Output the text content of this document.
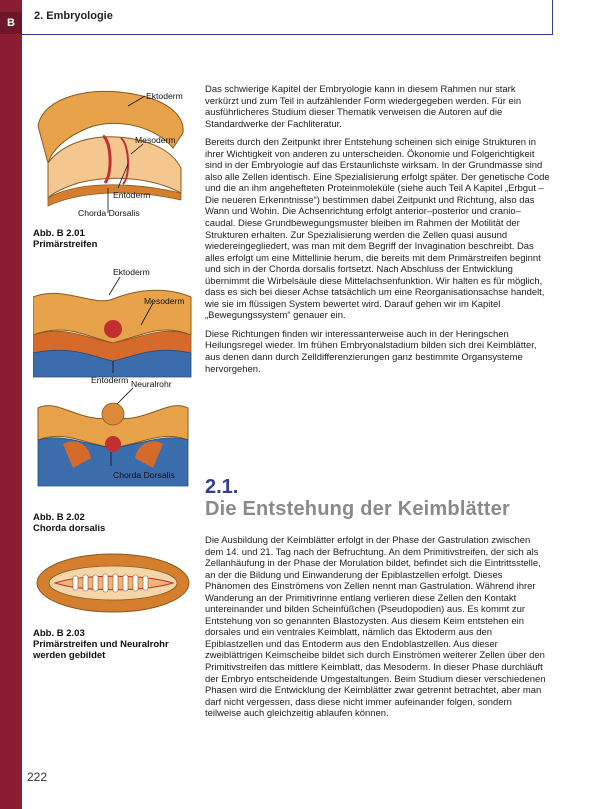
B
2. Embryologie
Ektoderm
Mesoderm
Entoderm
Chorda Dorsalis
Abb. B 2.01
Primärstreifen
Ektoderm
Mesoderm
Entoderm Neuralrohr
Chorda Dorsalis
Abb. B 2.02
Chorda dorsalis
Abb. B 2.03
Primärstreifen und Neuralrohr
werden gebildet

Das schwierige Kapitel der Embryologie kann in diesem Rahmen nur stark verkürzt und zum Teil in aufzählender Form wiedergegeben werden. Für ein ausführlicheres Studium dieser Thematik verweisen die Autoren auf die Standardwerke der Fachliteratur.

Bereits durch den Zeitpunkt ihrer Entstehung scheinen sich einige Strukturen in ihrer Wichtigkeit von anderen zu unterscheiden. Ökonomie und Folgerichtigkeit sind in der Embryologie auf das Erstaunlichste wirksam. In der Grundmasse sind also alle Zellen identisch. Eine Spezialisierung erfolgt später. Der genetische Code und die an ihm angehefteten Proteinmoleküle (siehe auch Teil A Kapitel „Erbgut – Die neueren Erkenntnisse“) bestimmen dabei Zeitpunkt und Richtung, also das Wann und Wohin. Die Achsenrichtung erfolgt anterior–posterior und cranio–caudal. Diese Grundbewegungsmuster bleiben im Rahmen der Motilität der Strukturen erhalten. Zur Spezialisierung werden die Zellen quasi ausund wiedereingegliedert, was man mit dem Begriff der Invagination beschreibt. Das alles erfolgt um eine Mittellinie herum, die bereits mit dem Primärstreifen beginnt und sich in der Chorda dorsalis fortsetzt. Nach Abschluss der Entwicklung übernimmt die Wirbelsäule diese Mittelachsenfunktion. Wir halten es für möglich, dass es sich bei dieser Achse tatsächlich um eine Reorganisationsachse handelt, wie sie im flüssigen System bewertet wird. Darauf gehen wir im Kapitel „Bewegungssystem“ genauer ein.

Diese Richtungen finden wir interessanterweise auch in der Heringschen Heilungsregel wieder. Im frühen Embryonalstadium bilden sich drei Keimblätter, aus denen dann durch Zelldifferenzierungen ganz bestimmte Organsysteme hervorgehen.

2.1.
Die Entstehung der Keimblätter

Die Ausbildung der Keimblätter erfolgt in der Phase der Gastrulation zwischen dem 14. und 21. Tag nach der Befruchtung. An dem Primitivstreifen, der sich als Zellanhäufung in der Phase der Morulation bildet, befindet sich die Eintrittsstelle, an der die Bildung und Einwanderung der Epiblastzellen erfolgt. Dieses Phänomen des Einströmens von Zellen nennt man Gastrulation. Während ihrer Wanderung an der Primitivrinne entlang verlieren diese Zellen den Kontakt untereinander und bilden Scheinfüßchen (Pseudopodien) aus. Es kommt zur Entstehung von so genannten Blastozysten. Aus diesem Keim entstehen ein dorsales und ein ventrales Keimblatt, nämlich das Ektoderm aus den Epiblastzellen und das Entoderm aus den Endoblastzellen. Aus dieser zweiblättrigen Keimscheibe bildet sich durch Einströmen weiterer Zellen über den Primitivstreifen das mittlere Keimblatt, das Mesoderm. In dieser Phase durchläuft der Embryo entscheidende Umgestaltungen. Beim Studium dieser verschiedenen Phasen wird die Entwicklung der Keimblätter zwar getrennt betrachtet, aber man darf nicht vergessen, dass diese nicht immer aufeinander folgen, sondern teilweise auch gleichzeitig ablaufen können.

222
